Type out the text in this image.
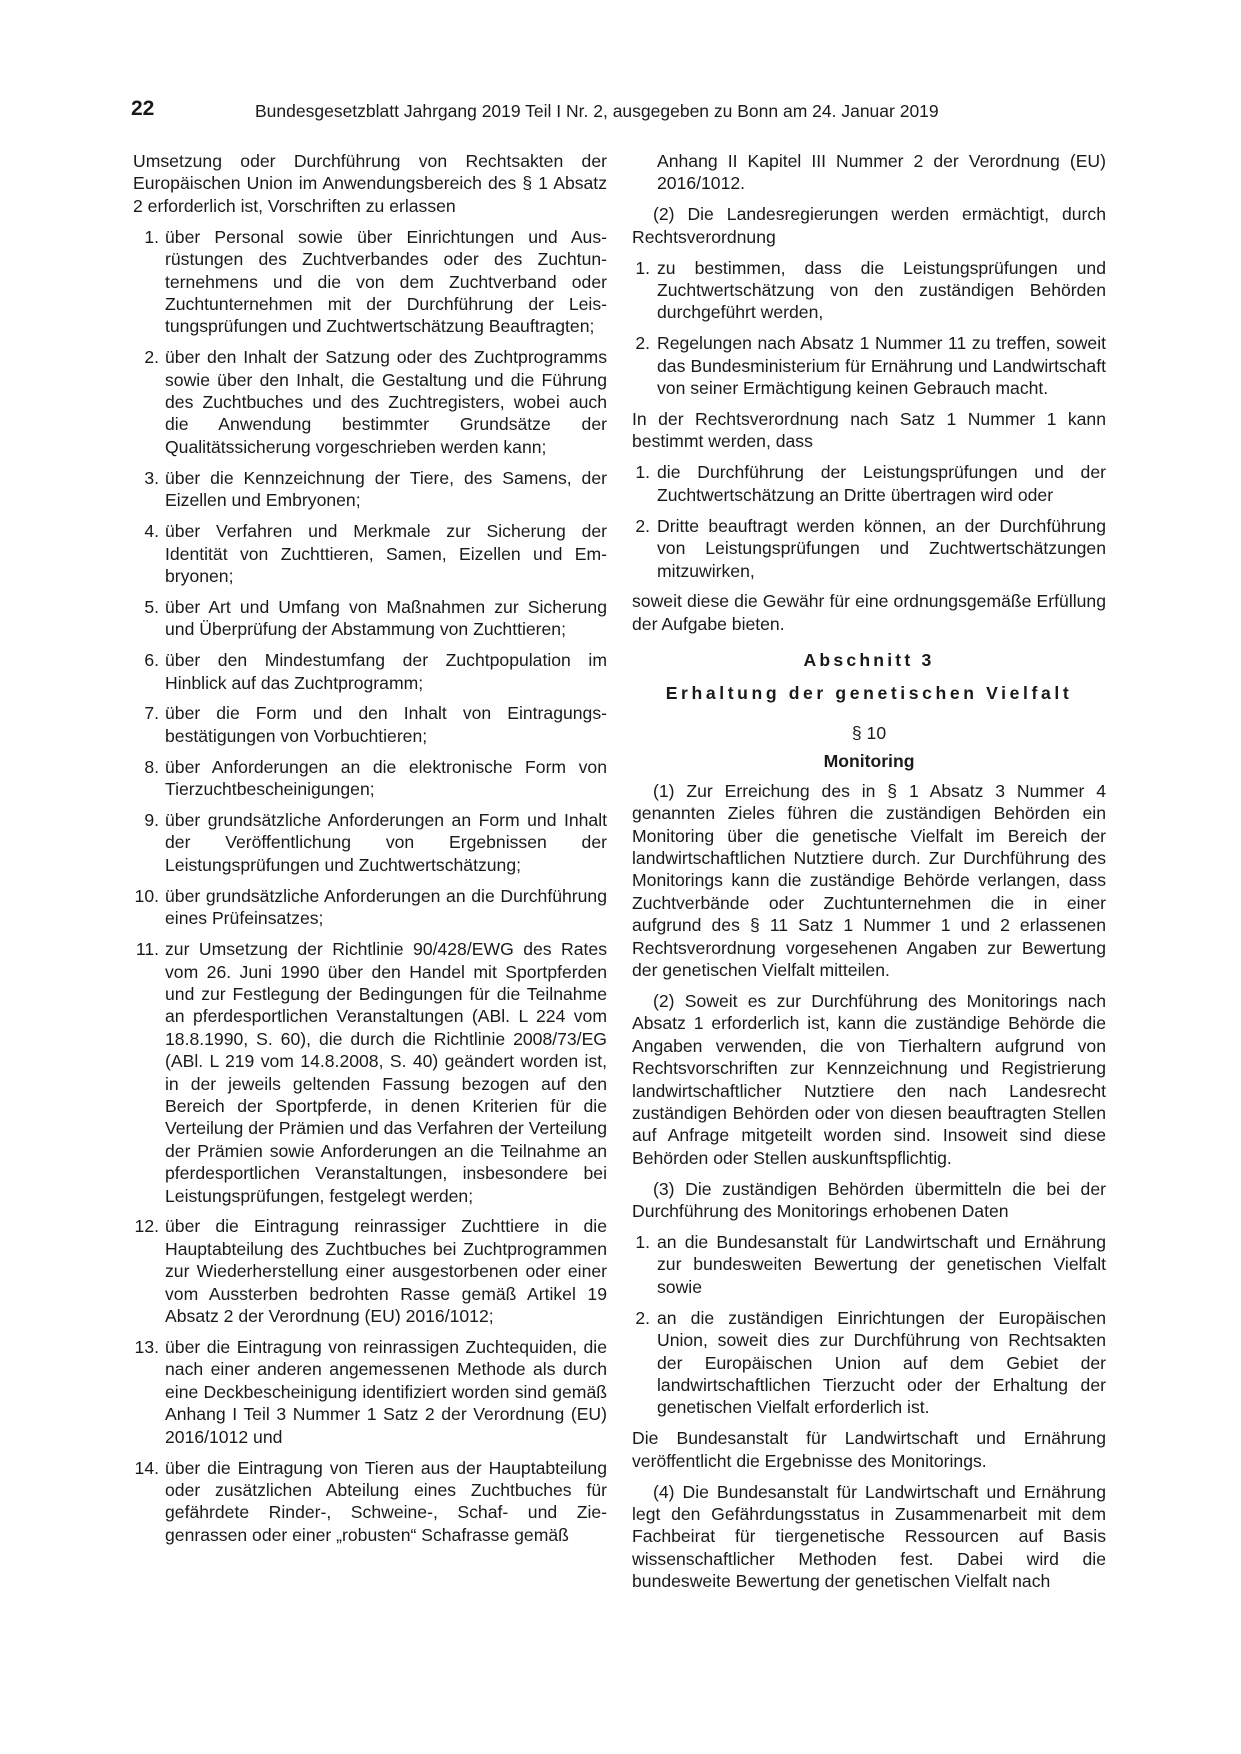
22	Bundesgesetzblatt Jahrgang 2019 Teil I Nr. 2, ausgegeben zu Bonn am 24. Januar 2019

Umsetzung oder Durchführung von Rechtsakten der Europäischen Union im Anwendungsbereich des § 1 Absatz 2 erforderlich ist, Vorschriften zu erlassen

1. über Personal sowie über Einrichtungen und Ausrüstungen des Zuchtverbandes oder des Zuchtunternehmens und die von dem Zuchtverband oder Zuchtunternehmen mit der Durchführung der Leistungsprüfungen und Zuchtwertschätzung Beauftragten;
2. über den Inhalt der Satzung oder des Zuchtprogramms sowie über den Inhalt, die Gestaltung und die Führung des Zuchtbuches und des Zuchtregisters, wobei auch die Anwendung bestimmter Grundsätze der Qualitätssicherung vorgeschrieben werden kann;
3. über die Kennzeichnung der Tiere, des Samens, der Eizellen und Embryonen;
4. über Verfahren und Merkmale zur Sicherung der Identität von Zuchttieren, Samen, Eizellen und Embryonen;
5. über Art und Umfang von Maßnahmen zur Sicherung und Überprüfung der Abstammung von Zuchttieren;
6. über den Mindestumfang der Zuchtpopulation im Hinblick auf das Zuchtprogramm;
7. über die Form und den Inhalt von Eintragungsbestätigungen von Vorbuchtieren;
8. über Anforderungen an die elektronische Form von Tierzuchtbescheinigungen;
9. über grundsätzliche Anforderungen an Form und Inhalt der Veröffentlichung von Ergebnissen der Leistungsprüfungen und Zuchtwertschätzung;
10. über grundsätzliche Anforderungen an die Durchführung eines Prüfeinsatzes;
11. zur Umsetzung der Richtlinie 90/428/EWG des Rates vom 26. Juni 1990 über den Handel mit Sportpferden und zur Festlegung der Bedingungen für die Teilnahme an pferdesportlichen Veranstaltungen (ABl. L 224 vom 18.8.1990, S. 60), die durch die Richtlinie 2008/73/EG (ABl. L 219 vom 14.8.2008, S. 40) geändert worden ist, in der jeweils geltenden Fassung bezogen auf den Bereich der Sportpferde, in denen Kriterien für die Verteilung der Prämien und das Verfahren der Verteilung der Prämien sowie Anforderungen an die Teilnahme an pferdesportlichen Veranstaltungen, insbesondere bei Leistungsprüfungen, festgelegt werden;
12. über die Eintragung reinrassiger Zuchttiere in die Hauptabteilung des Zuchtbuches bei Zuchtprogrammen zur Wiederherstellung einer ausgestorbenen oder einer vom Aussterben bedrohten Rasse gemäß Artikel 19 Absatz 2 der Verordnung (EU) 2016/1012;
13. über die Eintragung von reinrassigen Zuchtequiden, die nach einer anderen angemessenen Methode als durch eine Deckbescheinigung identifiziert worden sind gemäß Anhang I Teil 3 Nummer 1 Satz 2 der Verordnung (EU) 2016/1012 und
14. über die Eintragung von Tieren aus der Hauptabteilung oder zusätzlichen Abteilung eines Zuchtbuches für gefährdete Rinder-, Schweine-, Schaf- und Ziegenrassen oder einer „robusten“ Schafrasse gemäß

Anhang II Kapitel III Nummer 2 der Verordnung (EU) 2016/1012.

(2) Die Landesregierungen werden ermächtigt, durch Rechtsverordnung

1. zu bestimmen, dass die Leistungsprüfungen und Zuchtwertschätzung von den zuständigen Behörden durchgeführt werden,
2. Regelungen nach Absatz 1 Nummer 11 zu treffen, soweit das Bundesministerium für Ernährung und Landwirtschaft von seiner Ermächtigung keinen Gebrauch macht.

In der Rechtsverordnung nach Satz 1 Nummer 1 kann bestimmt werden, dass

1. die Durchführung der Leistungsprüfungen und der Zuchtwertschätzung an Dritte übertragen wird oder
2. Dritte beauftragt werden können, an der Durchführung von Leistungsprüfungen und Zuchtwertschätzungen mitzuwirken,

soweit diese die Gewähr für eine ordnungsgemäße Erfüllung der Aufgabe bieten.

Abschnitt 3
Erhaltung der genetischen Vielfalt
§ 10
Monitoring

(1) Zur Erreichung des in § 1 Absatz 3 Nummer 4 genannten Zieles führen die zuständigen Behörden ein Monitoring über die genetische Vielfalt im Bereich der landwirtschaftlichen Nutztiere durch. Zur Durchführung des Monitorings kann die zuständige Behörde verlangen, dass Zuchtverbände oder Zuchtunternehmen die in einer aufgrund des § 11 Satz 1 Nummer 1 und 2 erlassenen Rechtsverordnung vorgesehenen Angaben zur Bewertung der genetischen Vielfalt mitteilen.

(2) Soweit es zur Durchführung des Monitorings nach Absatz 1 erforderlich ist, kann die zuständige Behörde die Angaben verwenden, die von Tierhaltern aufgrund von Rechtsvorschriften zur Kennzeichnung und Registrierung landwirtschaftlicher Nutztiere den nach Landesrecht zuständigen Behörden oder von diesen beauftragten Stellen auf Anfrage mitgeteilt worden sind. Insoweit sind diese Behörden oder Stellen auskunftspflichtig.

(3) Die zuständigen Behörden übermitteln die bei der Durchführung des Monitorings erhobenen Daten

1. an die Bundesanstalt für Landwirtschaft und Ernährung zur bundesweiten Bewertung der genetischen Vielfalt sowie
2. an die zuständigen Einrichtungen der Europäischen Union, soweit dies zur Durchführung von Rechtsakten der Europäischen Union auf dem Gebiet der landwirtschaftlichen Tierzucht oder der Erhaltung der genetischen Vielfalt erforderlich ist.

Die Bundesanstalt für Landwirtschaft und Ernährung veröffentlicht die Ergebnisse des Monitorings.

(4) Die Bundesanstalt für Landwirtschaft und Ernährung legt den Gefährdungsstatus in Zusammenarbeit mit dem Fachbeirat für tiergenetische Ressourcen auf Basis wissenschaftlicher Methoden fest. Dabei wird die bundesweite Bewertung der genetischen Vielfalt nach
